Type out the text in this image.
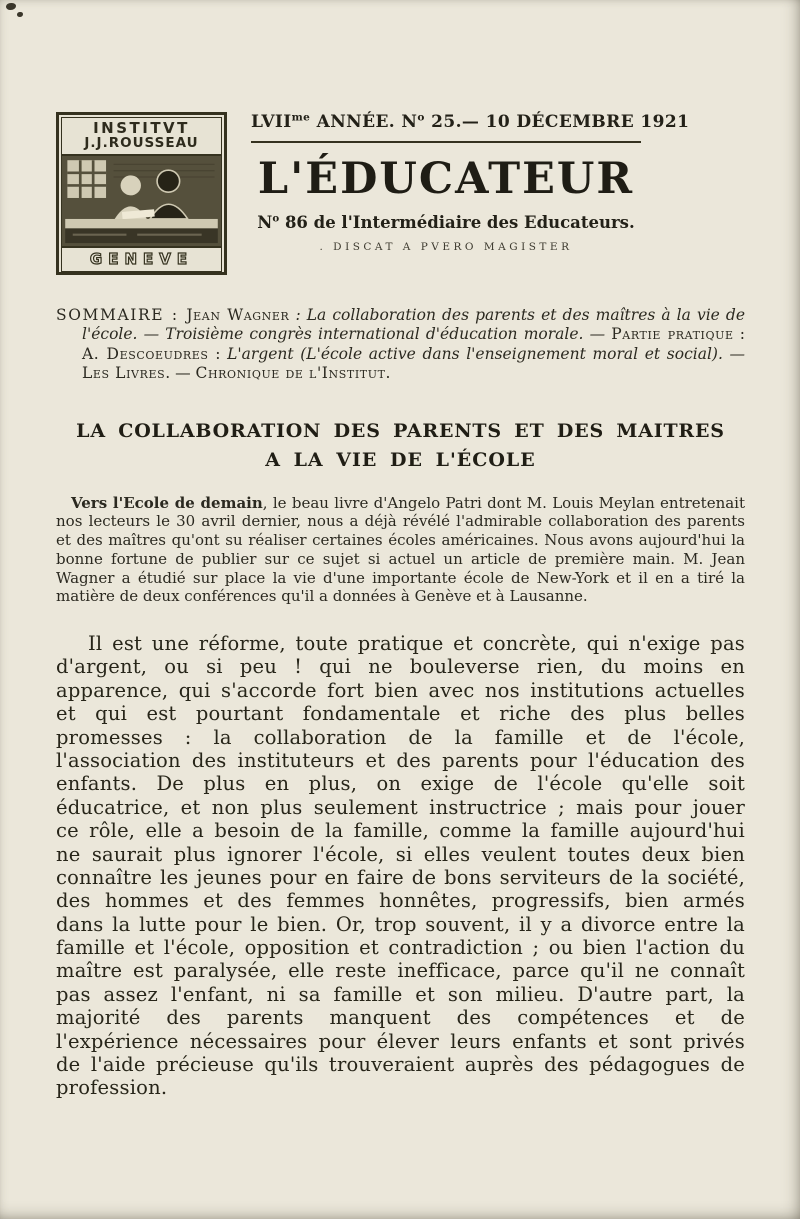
INSTITVT
J.J.ROUSSEAU
GENEVE
$LVII^{me}$ ANNÉE. $N^o$ 25.— 10 DÉCEMBRE 1921
L'ÉDUCATEUR
$N^o$ 86 de l'Intermédiaire des Educateurs.
. DISCAT A PVERO MAGISTER

SOMMAIRE : Jean Wagner : La collaboration des parents et des maîtres à la vie de l'école. — Troisième congrès international d'éducation morale. — Partie pratique : A. Descoeudres : L'argent (L'école active dans l'enseignement moral et social). — Les Livres. — Chronique de l'Institut.

LA COLLABORATION DES PARENTS ET DES MAITRES
A LA VIE DE L'ÉCOLE

Vers l'Ecole de demain, le beau livre d'Angelo Patri dont M. Louis Meylan entretenait nos lecteurs le 30 avril dernier, nous a déjà révélé l'admirable collaboration des parents et des maîtres qu'ont su réaliser certaines écoles américaines. Nous avons aujourd'hui la bonne fortune de publier sur ce sujet si actuel un article de première main. M. Jean Wagner a étudié sur place la vie d'une importante école de New-York et il en a tiré la matière de deux conférences qu'il a données à Genève et à Lausanne.

Il est une réforme, toute pratique et concrète, qui n'exige pas d'argent, ou si peu ! qui ne bouleverse rien, du moins en apparence, qui s'accorde fort bien avec nos institutions actuelles et qui est pourtant fondamentale et riche des plus belles promesses : la collaboration de la famille et de l'école, l'association des instituteurs et des parents pour l'éducation des enfants. De plus en plus, on exige de l'école qu'elle soit éducatrice, et non plus seulement instructrice ; mais pour jouer ce rôle, elle a besoin de la famille, comme la famille aujourd'hui ne saurait plus ignorer l'école, si elles veulent toutes deux bien connaître les jeunes pour en faire de bons serviteurs de la société, des hommes et des femmes honnêtes, progressifs, bien armés dans la lutte pour le bien. Or, trop souvent, il y a divorce entre la famille et l'école, opposition et contradiction ; ou bien l'action du maître est paralysée, elle reste inefficace, parce qu'il ne connaît pas assez l'enfant, ni sa famille et son milieu. D'autre part, la majorité des parents manquent des compétences et de l'expérience nécessaires pour élever leurs enfants et sont privés de l'aide précieuse qu'ils trouveraient auprès des pédagogues de profession.
